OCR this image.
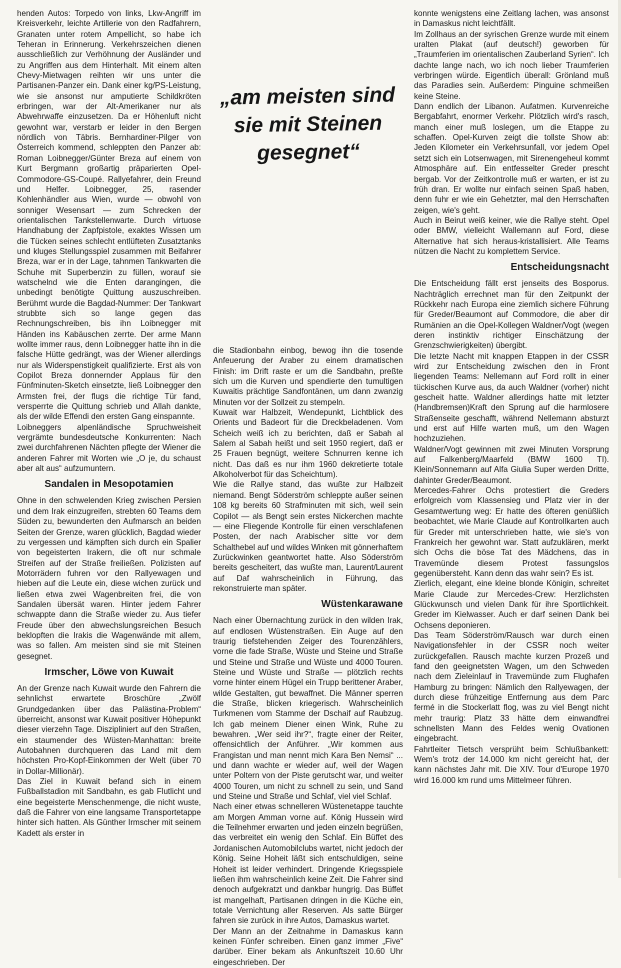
henden Autos: Torpedo von links, Lkw-Angriff im Kreisverkehr, leichte Artillerie von den Radfahrern, Granaten unter rotem Ampellicht, so habe ich Teheran in Erinnerung. Verkehrszeichen dienen ausschließlich zur Verhöhnung der Ausländer und zu Angriffen aus dem Hinterhalt. Mit einem alten Chevy-Mietwagen reihten wir uns unter die Partisanen-Panzer ein. Dank einer kg/PS-Leistung, wie sie ansonst nur amputierte Schildkröten erbringen, war der Alt-Amerikaner nur als Abwehrwaffe einzusetzen. Da er Höhenluft nicht gewohnt war, verstarb er leider in den Bergen nördlich von Täbris. Bernhardiner-Pilger von Österreich kommend, schleppten den Panzer ab: Roman Loibnegger/Günter Breza auf einem von Kurt Bergmann großartig präparierten Opel-Commodore-GS-Coupé. Rallyefahrer, dein Freund und Helfer. Loibnegger, 25, rasender Kohlenhändler aus Wien, wurde — obwohl von sonniger Wesensart — zum Schrecken der orientalischen Tankstellenwarte. Durch virtuose Handhabung der Zapfpistole, exaktes Wissen um die Tücken seines schlecht entlüfteten Zusatztanks und kluges Stellungsspiel zusammen mit Beifahrer Breza, war er in der Lage, tahnmen Tankwarten die Schuhe mit Superbenzin zu füllen, worauf sie watschelnd wie die Enten darangingen, die unbedingt benötigte Quittung auszuschreiben. Berühmt wurde die Bagdad-Nummer: Der Tankwart strubbte sich so lange gegen das Rechnungschreiben, bis ihn Loibnegger mit Händen ins Kabäuschen zerrte. Der arme Mann wollte immer raus, denn Loibnegger hatte ihn in die falsche Hütte gedrängt, was der Wiener allerdings nur als Widerspenstigkeit qualifizierte. Erst als von Copilot Breza donnernder Applaus für den Fünfminuten-Sketch einsetzte, ließ Loibnegger den Armsten frei, der flugs die richtige Tür fand, versperrte die Quittung schrieb und Allah dankte, als der wilde Effendi den ersten Gang einspannte.

Loibneggers alpenländische Spruchweisheit vergrämte bundesdeutsche Konkurrenten: Nach zwei durchfahrenen Nächten pflegte der Wiener die anderen Fahrer mit Worten wie „O je, du schaust aber alt aus“ aufzumuntern.

Sandalen in Mesopotamien

Ohne in den schwelenden Krieg zwischen Persien und dem Irak einzugreifen, strebten 60 Teams dem Süden zu, bewunderten den Aufmarsch an beiden Seiten der Grenze, waren glücklich, Bagdad wieder zu vergessen und kämpften sich durch ein Spalier von begeisterten Irakern, die oft nur schmale Streifen auf der Straße freiließen. Polizisten auf Motorrädern fuhren vor den Rallyewagen und hieben auf die Leute ein, diese wichen zurück und ließen etwa zwei Wagenbreiten frei, die von Sandalen übersät waren. Hinter jedem Fahrer schwappte dann die Straße wieder zu. Aus tiefer Freude über den abwechslungsreichen Besuch beklopften die Irakis die Wagenwände mit allem, was so fallen. Am meisten sind sie mit Steinen gesegnet.

Irmscher, Löwe von Kuwait

An der Grenze nach Kuwait wurde den Fahrern die sehnlichst erwartete Broschüre „Zwölf Grundgedanken über das Palästina-Problem“ überreicht, ansonst war Kuwait positiver Höhepunkt dieser vierzehn Tage. Diszipliniert auf den Straßen, ein staumender des Wüsten-Manhattan: breite Autobahnen durchqueren das Land mit dem höchsten Pro-Kopf-Einkommen der Welt (über 70 in Dollar-Millionär).

Das Ziel in Kuwait befand sich in einem Fußballstadion mit Sandbahn, es gab Flutlicht und eine begeisterte Menschenmenge, die nicht wuste, daß die Fahrer von eine langsame Transportetappe hinter sich hatten. Als Günther Irmscher mit seinem Kadett als erster in

„am meisten sind sie mit Steinen gesegnet“

die Stadionbahn einbog, bewog ihn die tosende Anfeuerung der Araber zu einem dramatischen Finish: im Drift raste er um die Sandbahn, preßte sich um die Kurven und spendierte den tumultigen Kuwaitis prächtige Sandfontänen, um dann zwanzig Minuten vor der Sollzeit zu stempeln.

Kuwait war Halbzeit, Wendepunkt, Lichtblick des Orients und Badeort für die Dreckbeladenen. Vom Scheich weiß ich zu berichten, daß er Sabah al Salem al Sabah heißt und seit 1950 regiert, daß er 25 Frauen begnügt, weitere Schnurren kenne ich nicht. Das daß es nur ihm 1960 dekretierte totale Alkoholverbot für das Scheichtum).

Wie die Rallye stand, das wußte zur Halbzeit niemand. Bengt Söderström schleppte außer seinen 108 kg bereits 60 Strafminuten mit sich, weil sein Copilot — als Bengt sein erstes Nickerchen machte — eine Fliegende Kontrolle für einen verschlafenen Posten, der nach Arabischer sitte vor dem Schalthebel auf und wildes Winken mit gönnerhaftem Zurückwinken geantwortet hatte. Also Söderström bereits gescheitert, das wußte man, Laurent/Laurent auf Daf wahrscheinlich in Führung, das rekonstruierte man später.

Wüstenkarawane

Nach einer Übernachtung zurück in den wilden Irak, auf endlosen Wüstenstraßen. Ein Auge auf den traurig tiefstehenden Zeiger des Tourenzählers, vorne die fade Straße, Wüste und Steine und Straße und Steine und Straße und Wüste und 4000 Touren. Steine und Wüste und Straße — plötzlich rechts vorne hinter einem Hügel ein Trupp berittener Araber, wilde Gestalten, gut bewaffnet. Die Männer sperren die Straße, blicken kriegerisch. Wahrscheinlich Turkmenen vom Stamme der Dschaif auf Raubzug. Ich gab meinem Diener einen Wink, Ruhe zu bewahren. „Wer seid ihr?“, fragte einer der Reiter, offensichtlich der Anführer. „Wir kommen aus Frangistan und man nennt mich Kara Ben Nemsi“ ... und dann wachte er wieder auf, weil der Wagen unter Poltern von der Piste gerutscht war, und weiter 4000 Touren, um nicht zu schnell zu sein, und Sand und Steine und Straße und Schlaf, viel viel Schlaf.

Nach einer etwas schnelleren Wüstenetappe tauchte am Morgen Amman vorne auf. König Hussein wird die Teilnehmer erwarten und jeden einzeln begrüßen, das verbreitet ein wenig den Schlaf. Ein Büffet des Jordanischen Automobilclubs wartet, nicht jedoch der König. Seine Hoheit läßt sich entschuldigen, seine Hoheit ist leider verhindert. Dringende Kriegsspiele ließen ihm wahrscheinlich keine Zeit. Die Fahrer sind denoch aufgekratzt und dankbar hungrig. Das Büffet ist mangelhaft, Partisanen dringen in die Küche ein, totale Vernichtung aller Reserven. Als satte Bürger fahren sie zurück in ihre Autos, Damaskus wartet.

Der Mann an der Zeitnahme in Damaskus kann keinen Fünfer schreiben. Einen ganz immer „Five“ darüber. Einer bekam als Ankunftszeit 10.60 Uhr eingeschrieben. Der

konnte wenigstens eine Zeitlang lachen, was ansonst in Damaskus nicht leichtfällt.

Im Zollhaus an der syrischen Grenze wurde mit einem uralten Plakat (auf deutsch!) geworben für „Traumferien im orientalischen Zauberland Syrien“. Ich dachte lange nach, wo ich noch lieber Traumferien verbringen würde. Eigentlich überall: Grönland muß das Paradies sein. Außerdem: Pinguine schmeißen keine Steine.

Dann endlich der Libanon. Aufatmen. Kurvenreiche Bergabfahrt, enormer Verkehr. Plötzlich wird's rasch, manch einer muß loslegen, um die Etappe zu schaffen. Opel-Kurven zeigt die tollste Show ab: Jeden Kilometer ein Verkehrsunfall, vor jedem Opel setzt sich ein Lotsenwagen, mit Sirenengeheul kommt Atmosphäre auf. Ein entfesselter Greder prescht bergab. Vor der Zeitkontrolle muß er warten, er ist zu früh dran. Er wollte nur einfach seinen Spaß haben, denn fuhr er wie ein Gehetzter, mal den Herrschaften zeigen, wie's geht.

Auch in Beirut weiß keiner, wie die Rallye steht. Opel oder BMW, vielleicht Wallemann auf Ford, diese Alternative hat sich heraus-kristallisiert. Alle Teams nützen die Nacht zu komplettem Service.

Entscheidungsnacht

Die Entscheidung fällt erst jenseits des Bosporus. Nachträglich errechnet man für den Zeitpunkt der Rückkehr nach Europa eine ziemlich sichere Führung für Greder/Beaumont auf Commodore, die aber dir Rumänien an die Opel-Kollegen Waldner/Vogt (wegen deren instinktiv richtiger Einschätzung der Grenzschwierigkeiten) übergibt.

Die letzte Nacht mit knappen Etappen in der CSSR wird zur Entscheidung zwischen den in Front liegenden Teams: Nellemann auf Ford rollt in einer tückischen Kurve aus, da auch Waldner (vorher) nicht gescheit hatte. Waldner allerdings hatte mit letzter (Handbremsen)Kraft den Sprung auf die harmlosere Straßenseite geschafft, während Nellemann absturzt und erst auf Hilfe warten muß, um den Wagen hochzuziehen.

Waldner/Vogt gewinnen mit zwei Minuten Vorsprung auf Falkenberg/Maarfeld (BMW 1600 TI). Klein/Sonnemann auf Alfa Giulia Super werden Dritte, dahinter Greder/Beaumont.

Mercedes-Fahrer Ochs protestiert die Greders erfolgreich vom Klassensieg und Platz vier in der Gesamtwertung weg: Er hatte des öfteren genüßlich beobachtet, wie Marie Claude auf Kontrollkarten auch für Greder mit unterschrieben hatte, wie sie's von Frankreich her gewohnt war. Statt aufzuklären, merkt sich Ochs die böse Tat des Mädchens, das in Travemünde diesem Protest fassungslos gegenübersteht. Kann denn das wahr sein? Es ist.

Zierlich, elegant, eine kleine blonde Königin, schreitet Marie Claude zur Mercedes-Crew: Herzlichsten Glückwunsch und vielen Dank für ihre Sportlichkeit. Greder im Kielwasser. Auch er darf seinen Dank bei Ochsens deponieren.

Das Team Söderström/Rausch war durch einen Navigationsfehler in der CSSR noch weiter zurückgefallen. Rausch machte kurzen Prozeß und fand den geeignetsten Wagen, um den Schweden nach dem Zieleinlauf in Travemünde zum Flughafen Hamburg zu bringen: Nämlich den Rallyewagen, der durch diese frühzeitige Entfernung aus dem Parc fermé in die Stockerlatt flog, was zu viel Bengt nicht mehr traurig: Platz 33 hätte dem einwandfrei schnellsten Mann des Feldes wenig Ovationen eingebracht.

Fahrtleiter Tietsch versprüht beim Schlußbankett: Wem's trotz der 14.000 km nicht gereicht hat, der kann nächstes Jahr mit. Die XIV. Tour d'Europe 1970 wird 16.000 km rund ums Mittelmeer führen.
